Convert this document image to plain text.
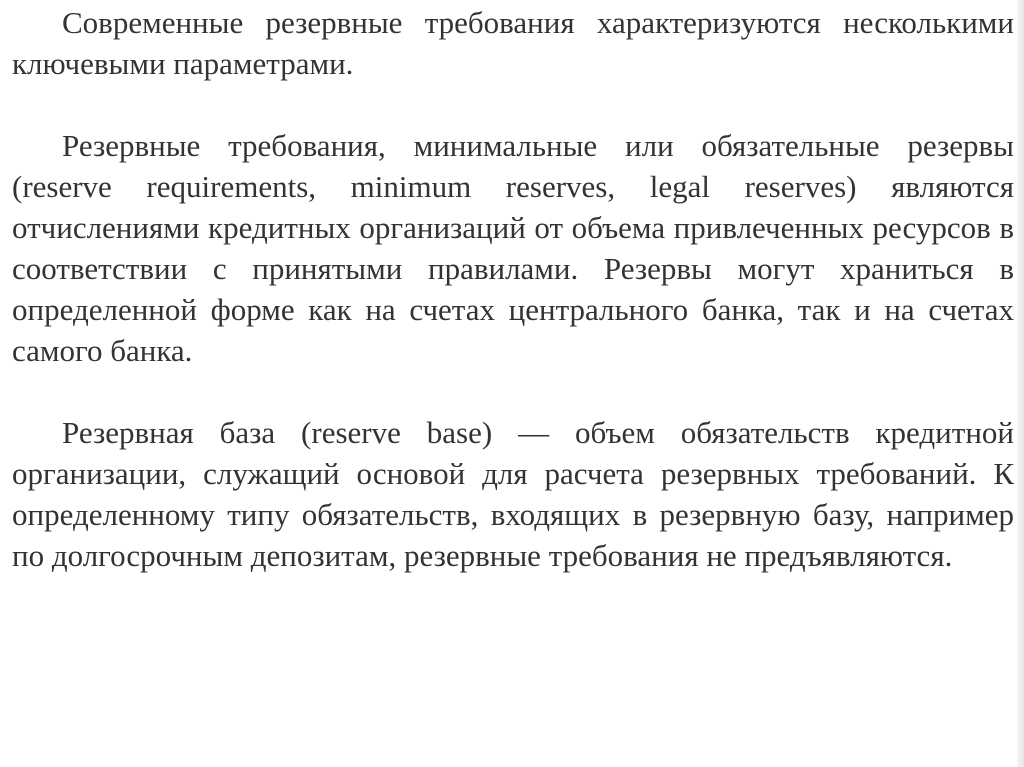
Современные резервные требования характеризуются несколькими ключевыми параметрами.

Резервные требования, минимальные или обязательные резервы (reserve requirements, minimum reserves, legal reserves) являются отчислениями кредитных организаций от объема привлеченных ресурсов в соответствии с принятыми правилами. Резервы могут храниться в определенной форме как на счетах центрального банка, так и на счетах самого банка.

Резервная база (reserve base) — объем обязательств кредитной организации, служащий основой для расчета резервных требований. К определенному типу обязательств, входящих в резервную базу, например по долгосрочным депозитам, резервные требования не предъявляются.
